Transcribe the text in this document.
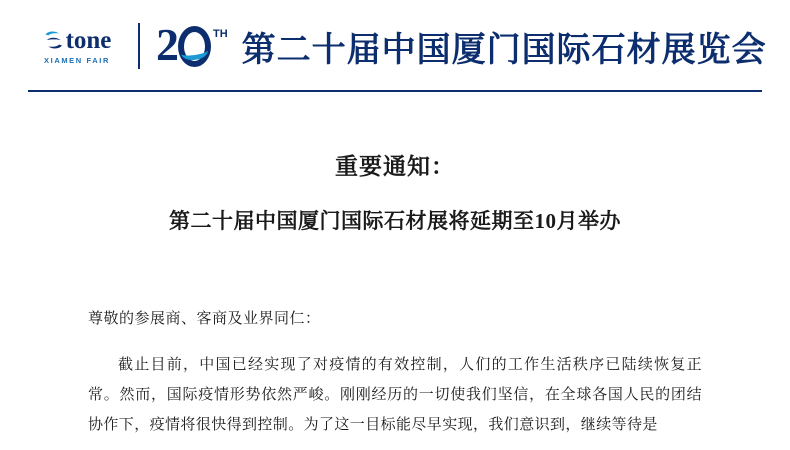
tone
XIAMEN FAIR 2	TH 第二十届中国厦门国际石材展览会
重要通知：
第二十届中国厦门国际石材展将延期至10月举办
尊敬的参展商、客商及业界同仁：
截止目前，中国已经实现了对疫情的有效控制，人们的工作生活秩序已陆续恢复正常。然而，国际疫情形势依然严峻。刚刚经历的一切使我们坚信，在全球各国人民的团结协作下，疫情将很快得到控制。为了这一目标能尽早实现，我们意识到，继续等待是
